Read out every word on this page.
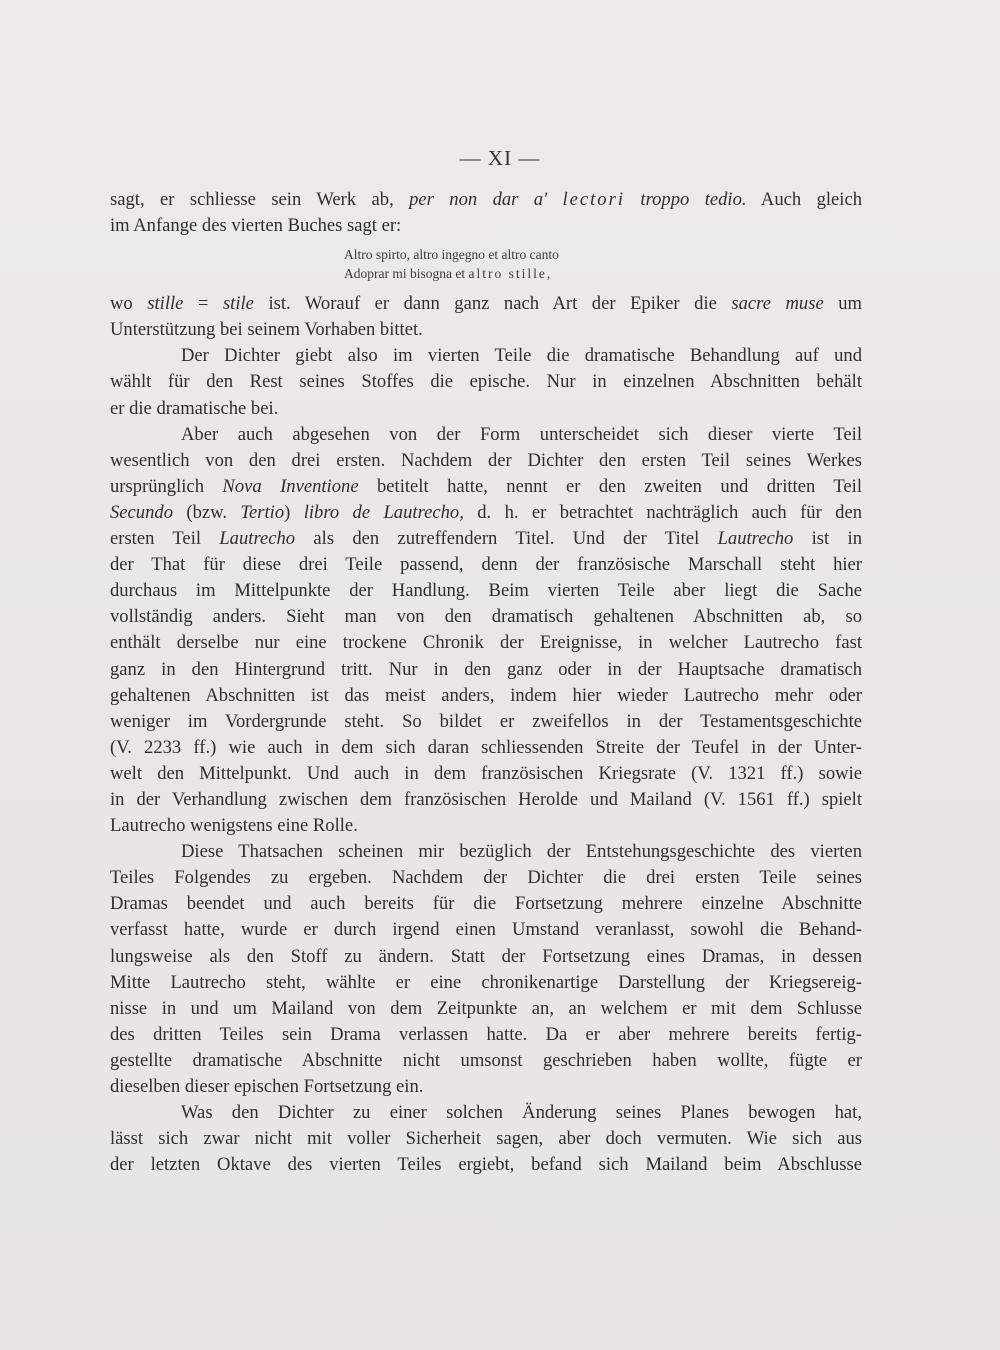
— XI —
sagt, er schliesse sein Werk ab, per non dar a' lectori troppo tedio. Auch gleich
im Anfange des vierten Buches sagt er:
Altro spirto, altro ingegno et altro canto
Adoprar mi bisogna et altro stille,
wo stille = stile ist. Worauf er dann ganz nach Art der Epiker die sacre muse um
Unterstützung bei seinem Vorhaben bittet.
Der Dichter giebt also im vierten Teile die dramatische Behandlung auf und
wählt für den Rest seines Stoffes die epische. Nur in einzelnen Abschnitten behält
er die dramatische bei.
Aber auch abgesehen von der Form unterscheidet sich dieser vierte Teil
wesentlich von den drei ersten. Nachdem der Dichter den ersten Teil seines Werkes
ursprünglich Nova Inventione betitelt hatte, nennt er den zweiten und dritten Teil
Secundo (bzw. Tertio) libro de Lautrecho, d. h. er betrachtet nachträglich auch für den
ersten Teil Lautrecho als den zutreffendern Titel. Und der Titel Lautrecho ist in
der That für diese drei Teile passend, denn der französische Marschall steht hier
durchaus im Mittelpunkte der Handlung. Beim vierten Teile aber liegt die Sache
vollständig anders. Sieht man von den dramatisch gehaltenen Abschnitten ab, so
enthält derselbe nur eine trockene Chronik der Ereignisse, in welcher Lautrecho fast
ganz in den Hintergrund tritt. Nur in den ganz oder in der Hauptsache dramatisch
gehaltenen Abschnitten ist das meist anders, indem hier wieder Lautrecho mehr oder
weniger im Vordergrunde steht. So bildet er zweifellos in der Testamentsgeschichte
(V. 2233 ff.) wie auch in dem sich daran schliessenden Streite der Teufel in der Unter-
welt den Mittelpunkt. Und auch in dem französischen Kriegsrate (V. 1321 ff.) sowie
in der Verhandlung zwischen dem französischen Herolde und Mailand (V. 1561 ff.) spielt
Lautrecho wenigstens eine Rolle.
Diese Thatsachen scheinen mir bezüglich der Entstehungsgeschichte des vierten
Teiles Folgendes zu ergeben. Nachdem der Dichter die drei ersten Teile seines
Dramas beendet und auch bereits für die Fortsetzung mehrere einzelne Abschnitte
verfasst hatte, wurde er durch irgend einen Umstand veranlasst, sowohl die Behand-
lungsweise als den Stoff zu ändern. Statt der Fortsetzung eines Dramas, in dessen
Mitte Lautrecho steht, wählte er eine chronikenartige Darstellung der Kriegsereig-
nisse in und um Mailand von dem Zeitpunkte an, an welchem er mit dem Schlusse
des dritten Teiles sein Drama verlassen hatte. Da er aber mehrere bereits fertig-
gestellte dramatische Abschnitte nicht umsonst geschrieben haben wollte, fügte er
dieselben dieser epischen Fortsetzung ein.
Was den Dichter zu einer solchen Änderung seines Planes bewogen hat,
lässt sich zwar nicht mit voller Sicherheit sagen, aber doch vermuten. Wie sich aus
der letzten Oktave des vierten Teiles ergiebt, befand sich Mailand beim Abschlusse
